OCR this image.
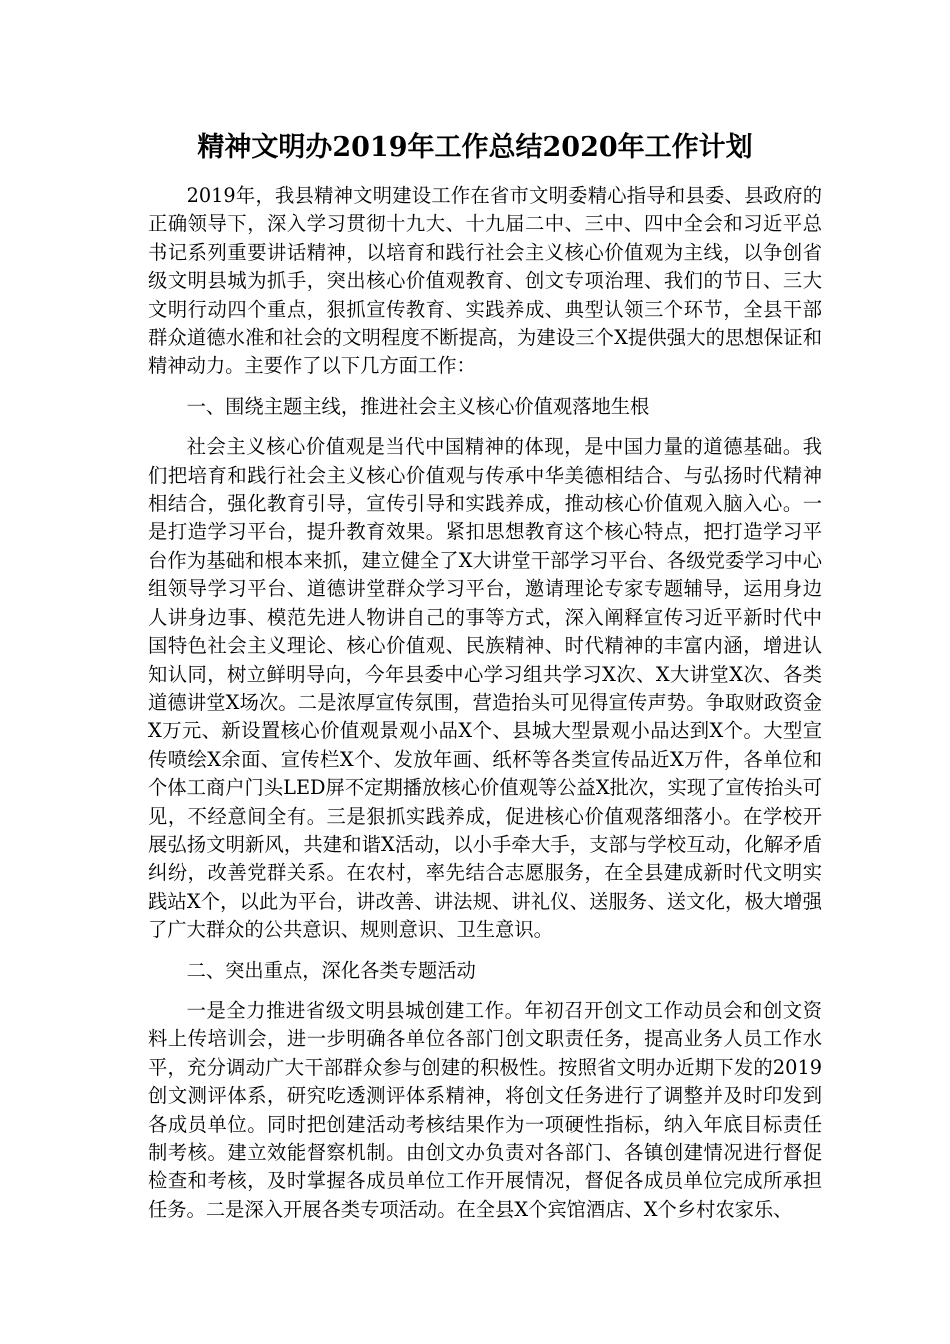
精神文明办2019年工作总结2020年工作计划

2019年，我县精神文明建设工作在省市文明委精心指导和县委、县政府的正确领导下，深入学习贯彻十九大、十九届二中、三中、四中全会和习近平总书记系列重要讲话精神，以培育和践行社会主义核心价值观为主线，以争创省级文明县城为抓手，突出核心价值观教育、创文专项治理、我们的节日、三大文明行动四个重点，狠抓宣传教育、实践养成、典型认领三个环节，全县干部群众道德水准和社会的文明程度不断提高，为建设三个X提供强大的思想保证和精神动力。主要作了以下几方面工作：

一、围绕主题主线，推进社会主义核心价值观落地生根

社会主义核心价值观是当代中国精神的体现，是中国力量的道德基础。我们把培育和践行社会主义核心价值观与传承中华美德相结合、与弘扬时代精神相结合，强化教育引导，宣传引导和实践养成，推动核心价值观入脑入心。一是打造学习平台，提升教育效果。紧扣思想教育这个核心特点，把打造学习平台作为基础和根本来抓，建立健全了X大讲堂干部学习平台、各级党委学习中心组领导学习平台、道德讲堂群众学习平台，邀请理论专家专题辅导，运用身边人讲身边事、模范先进人物讲自己的事等方式，深入阐释宣传习近平新时代中国特色社会主义理论、核心价值观、民族精神、时代精神的丰富内涵，增进认知认同，树立鲜明导向，今年县委中心学习组共学习X次、X大讲堂X次、各类道德讲堂X场次。二是浓厚宣传氛围，营造抬头可见得宣传声势。争取财政资金X万元、新设置核心价值观景观小品X个、县城大型景观小品达到X个。大型宣传喷绘X余面、宣传栏X个、发放年画、纸杯等各类宣传品近X万件，各单位和个体工商户门头LED屏不定期播放核心价值观等公益X批次，实现了宣传抬头可见，不经意间全有。三是狠抓实践养成，促进核心价值观落细落小。在学校开展弘扬文明新风，共建和谐X活动，以小手牵大手，支部与学校互动，化解矛盾纠纷，改善党群关系。在农村，率先结合志愿服务，在全县建成新时代文明实践站X个，以此为平台，讲改善、讲法规、讲礼仪、送服务、送文化，极大增强了广大群众的公共意识、规则意识、卫生意识。

二、突出重点，深化各类专题活动

一是全力推进省级文明县城创建工作。年初召开创文工作动员会和创文资料上传培训会，进一步明确各单位各部门创文职责任务，提高业务人员工作水平，充分调动广大干部群众参与创建的积极性。按照省文明办近期下发的2019创文测评体系，研究吃透测评体系精神，将创文任务进行了调整并及时印发到各成员单位。同时把创建活动考核结果作为一项硬性指标，纳入年底目标责任制考核。建立效能督察机制。由创文办负责对各部门、各镇创建情况进行督促检查和考核，及时掌握各成员单位工作开展情况，督促各成员单位完成所承担任务。二是深入开展各类专项活动。在全县X个宾馆酒店、X个乡村农家乐、
